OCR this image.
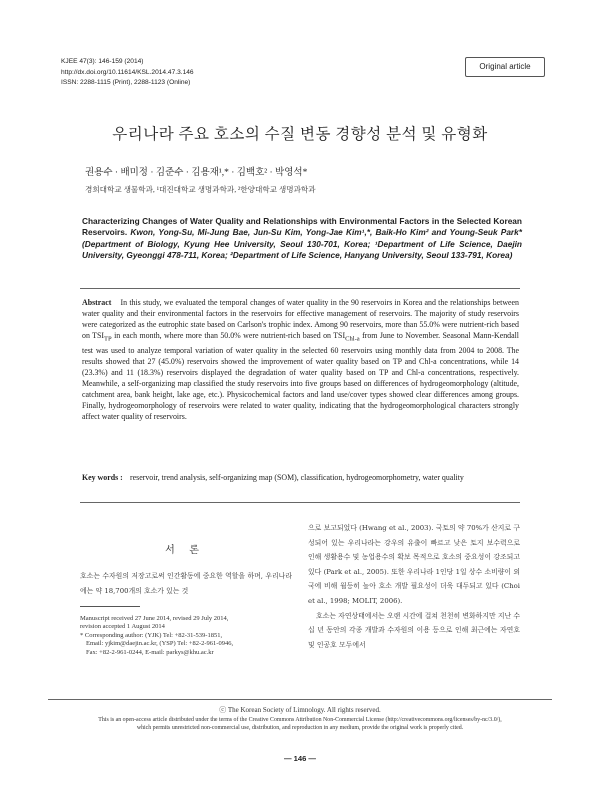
KJEE 47(3): 146-159 (2014)
http://dx.doi.org/10.11614/KSL.2014.47.3.146
ISSN: 2288-1115 (Print), 2288-1123 (Online)
Original article
우리나라 주요 호소의 수질 변동 경향성 분석 및 유형화
권용수 · 배미정 · 김준수 · 김용재¹,* · 김백호² · 박영석*
경희대학교 생물학과, ¹대진대학교 생명과학과, ²한양대학교 생명과학과
Characterizing Changes of Water Quality and Relationships with Environmental Factors in the Selected Korean Reservoirs. Kwon, Yong-Su, Mi-Jung Bae, Jun-Su Kim, Yong-Jae Kim¹,*, Baik-Ho Kim² and Young-Seuk Park* (Department of Biology, Kyung Hee University, Seoul 130-701, Korea; ¹Department of Life Science, Daejin University, Gyeonggi 478-711, Korea; ²Department of Life Science, Hanyang University, Seoul 133-791, Korea)
Abstract In this study, we evaluated the temporal changes of water quality in the 90 reservoirs in Korea and the relationships between water quality and their environmental factors in the reservoirs for effective management of reservoirs. The majority of study reservoirs were categorized as the eutrophic state based on Carlson's trophic index. Among 90 reservoirs, more than 55.0% were nutrient-rich based on $TSI_{TP}$ in each month, where more than 50.0% were nutrient-rich based on $TSI_{Chl-a}$ from June to November. Seasonal Mann-Kendall test was used to analyze temporal variation of water quality in the selected 60 reservoirs using monthly data from 2004 to 2008. The results showed that 27 (45.0%) reservoirs showed the improvement of water quality based on TP and Chl-a concentrations, while 14 (23.3%) and 11 (18.3%) reservoirs displayed the degradation of water quality based on TP and Chl-a concentrations, respectively. Meanwhile, a self-organizing map classified the study reservoirs into five groups based on differences of hydrogeomorphology (altitude, catchment area, bank height, lake age, etc.). Physicochemical factors and land use/cover types showed clear differences among groups. Finally, hydrogeomorphology of reservoirs were related to water quality, indicating that the hydrogeomorphological characters strongly affect water quality of reservoirs.
Key words : reservoir, trend analysis, self-organizing map (SOM), classification, hydrogeomorphometry, water quality
서 론
호소는 수자원의 저장고로써 인간활동에 중요한 역할을 하며, 우리나라에는 약 18,700개의 호소가 있는 것
으로 보고되었다 (Hwang et al., 2003). 국토의 약 70%가 산지로 구성되어 있는 우리나라는 강우의 유출이 빠르고 낮은 토지 보수력으로 인해 생활용수 및 농업용수의 확보 목적으로 호소의 중요성이 강조되고 있다 (Park et al., 2005). 또한 우리나라 1인당 1일 상수 소비량이 외국에 비해 월등히 높아 호소 개발 필요성이 더욱 대두되고 있다 (Choi et al., 1998; MOLIT, 2006).
호소는 자연상태에서는 오랜 시간에 걸쳐 천천히 변화하지만 지난 수십 년 동안의 각종 개발과 수자원의 이용 등으로 인해 최근에는 자연호 및 인공호 모두에서
Manuscript received 27 June 2014, revised 29 July 2014,
revision accepted 1 August 2014
* Corresponding author: (YJK) Tel: +82-31-539-1851,
Email: yjkim@daejin.ac.kr, (YSP) Tel: +82-2-961-0946,
Fax: +82-2-961-0244, E-mail: parkys@khu.ac.kr
ⓒ The Korean Society of Limnology. All rights reserved.
This is an open-access article distributed under the terms of the Creative Commons Attribution Non-Commercial License (http://creativecommons.org/licenses/by-nc/3.0/),
which permits unrestricted non-commercial use, distribution, and reproduction in any medium, provide the original work is properly cited.
— 146 —
